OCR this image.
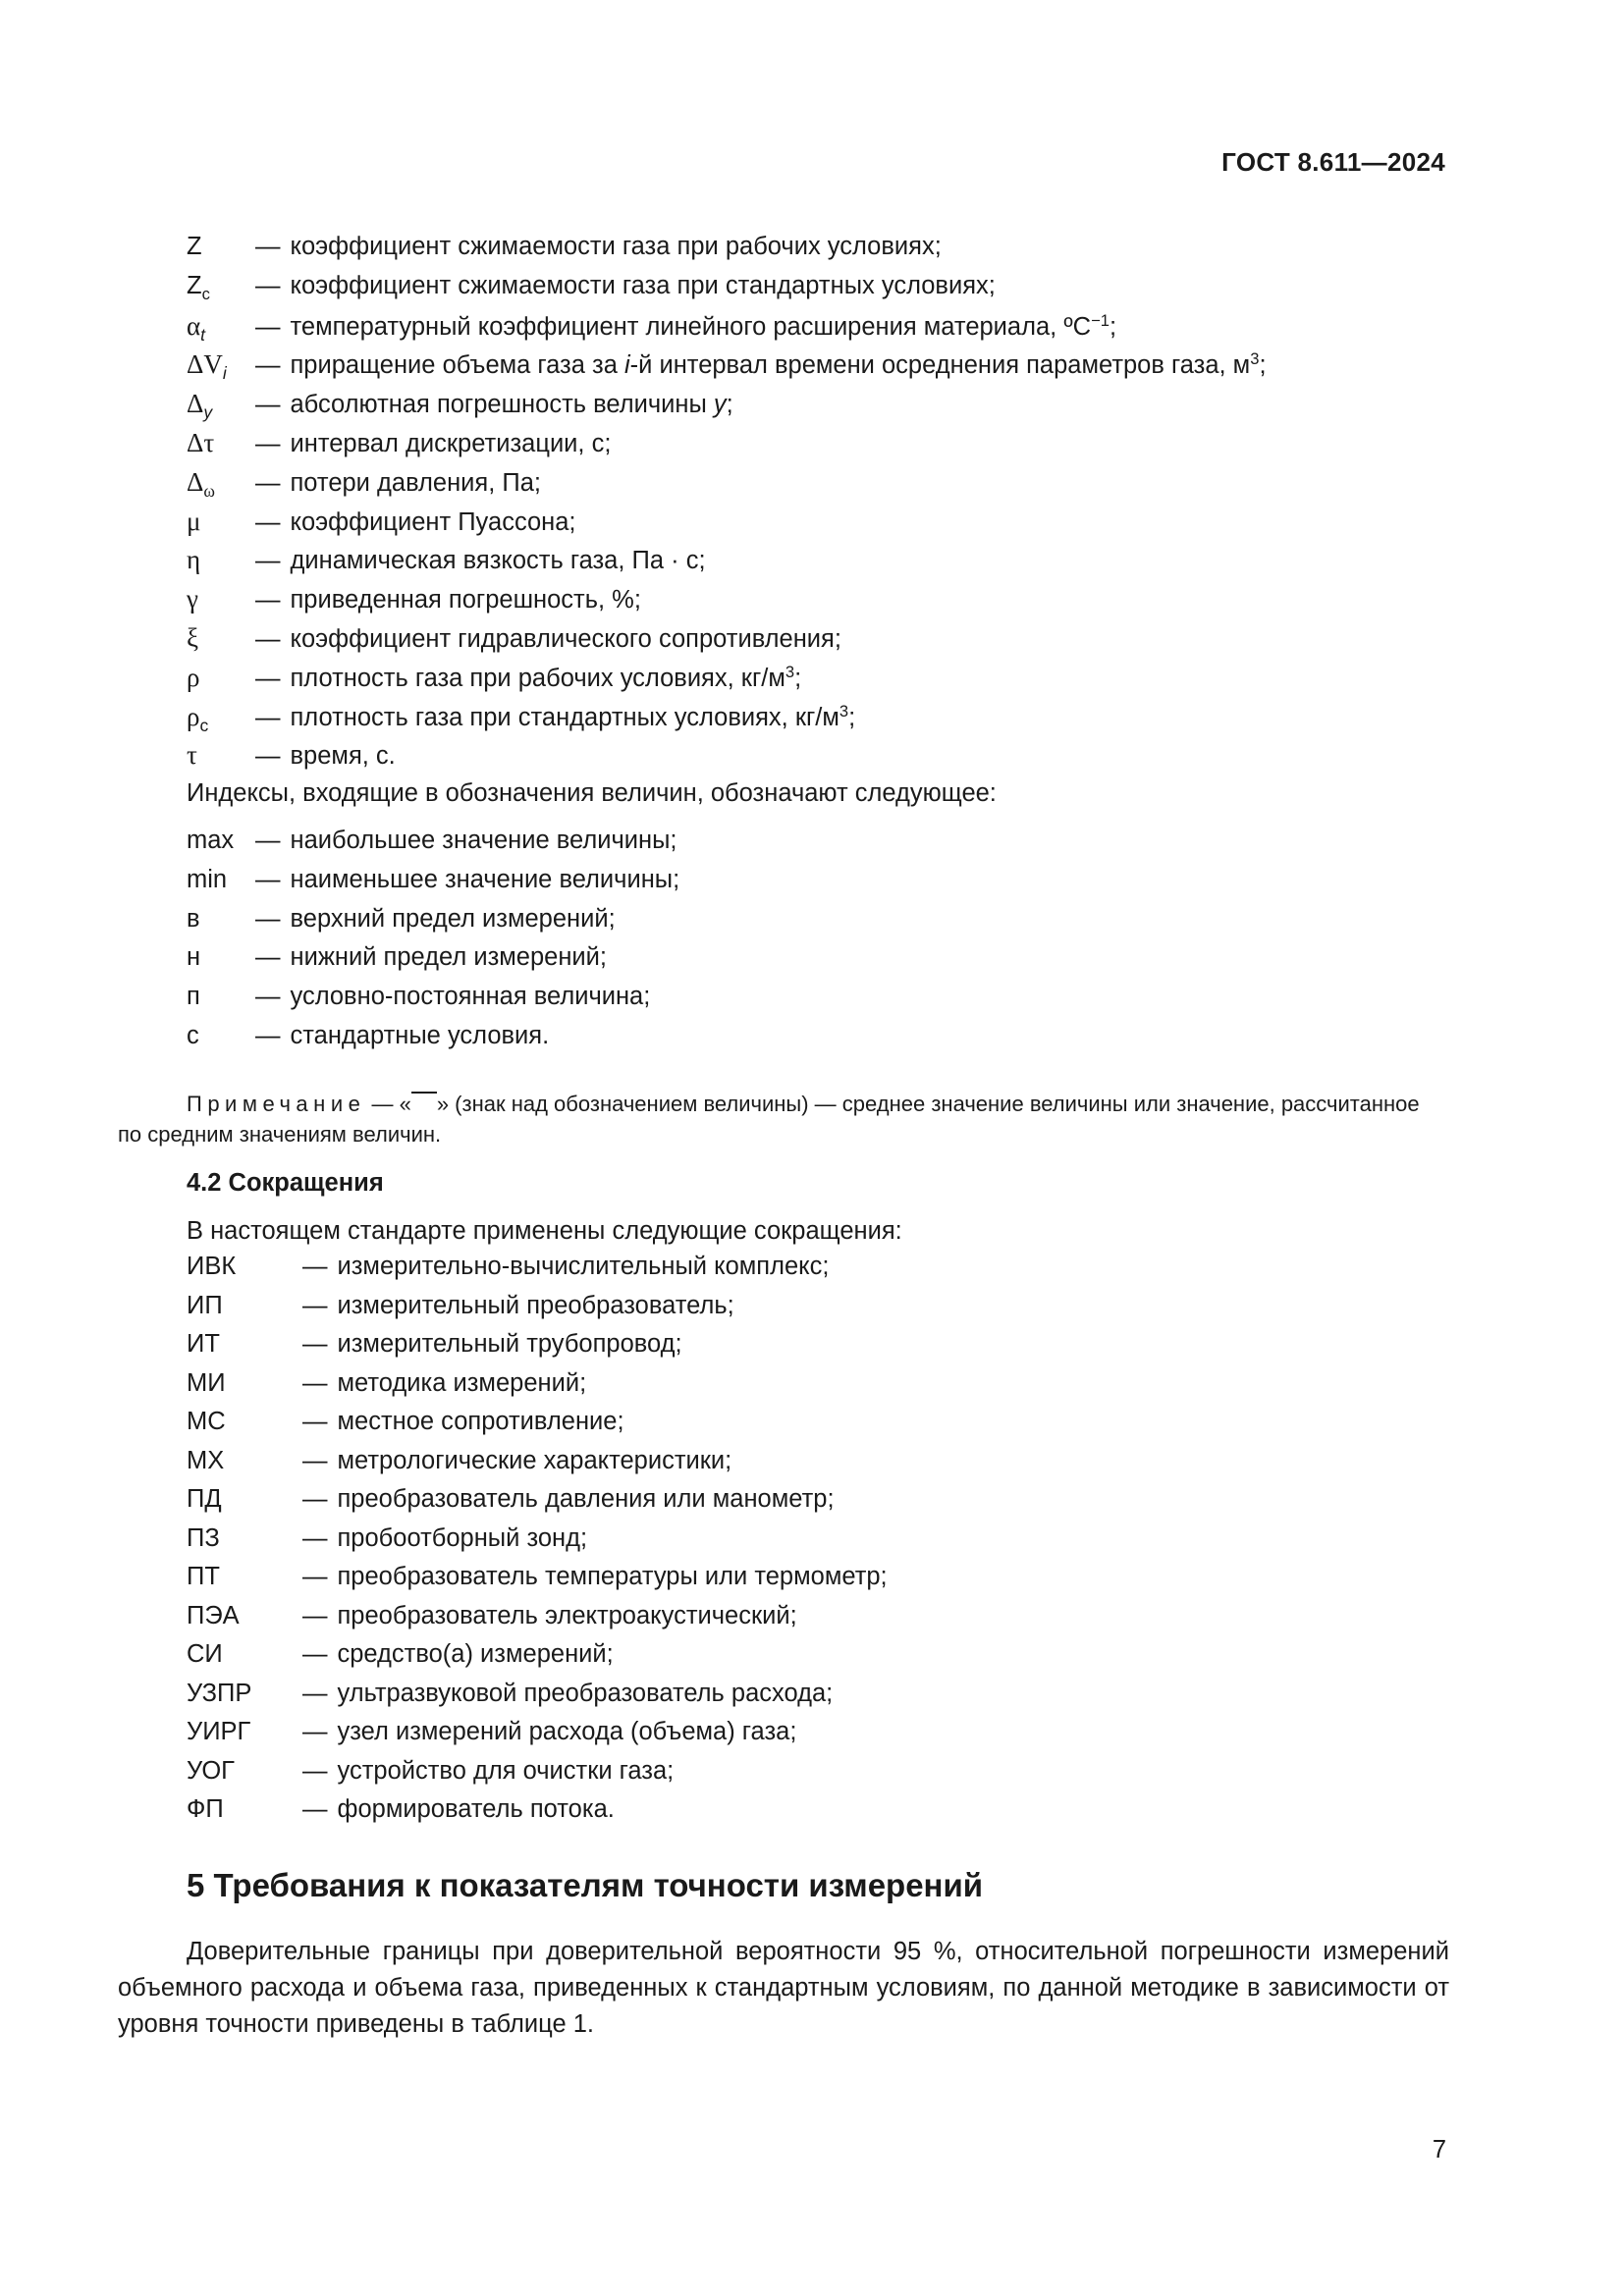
ГОСТ 8.611—2024
Z	— коэффициент сжимаемости газа при рабочих условиях;
$Z_с$	— коэффициент сжимаемости газа при стандартных условиях;
$\alpha_t$	— температурный коэффициент линейного расширения материала, ºС$^{-1}$;
$\Delta V_i$	— приращение объема газа за i-й интервал времени осреднения параметров газа, $м^3$;
$\Delta_y$	— абсолютная погрешность величины y;
Δτ	— интервал дискретизации, с;
$\Delta_\omega$	— потери давления, Па;
μ	— коэффициент Пуассона;
η	— динамическая вязкость газа, Па · с;
γ	— приведенная погрешность, %;
ξ	— коэффициент гидравлического сопротивления;
ρ	— плотность газа при рабочих условиях, $кг/м^3$;
$\rho_с$	— плотность газа при стандартных условиях, $кг/м^3$;
τ	— время, с.
Индексы, входящие в обозначения величин, обозначают следующее:
max — наибольшее значение величины;
min	— наименьшее значение величины;
в	— верхний предел измерений;
н	— нижний предел измерений;
п	— условно-постоянная величина;
с	— стандартные условия.
Примечание — « » (знак над обозначением величины) — среднее значение величины или значение, рассчитанное по средним значениям величин.
4.2 Сокращения
В настоящем стандарте применены следующие сокращения:
ИВК	— измерительно-вычислительный комплекс;
ИП	— измерительный преобразователь;
ИТ	— измерительный трубопровод;
МИ	— методика измерений;
МС	— местное сопротивление;
МХ	— метрологические характеристики;
ПД	— преобразователь давления или манометр;
ПЗ	— пробоотборный зонд;
ПТ	— преобразователь температуры или термометр;
ПЭА	— преобразователь электроакустический;
СИ	— средство(а) измерений;
УЗПР	— ультразвуковой преобразователь расхода;
УИРГ	— узел измерений расхода (объема) газа;
УОГ	— устройство для очистки газа;
ФП	— формирователь потока.
5 Требования к показателям точности измерений
Доверительные границы при доверительной вероятности 95 %, относительной погрешности измерений объемного расхода и объема газа, приведенных к стандартным условиям, по данной методике в зависимости от уровня точности приведены в таблице 1.
7
